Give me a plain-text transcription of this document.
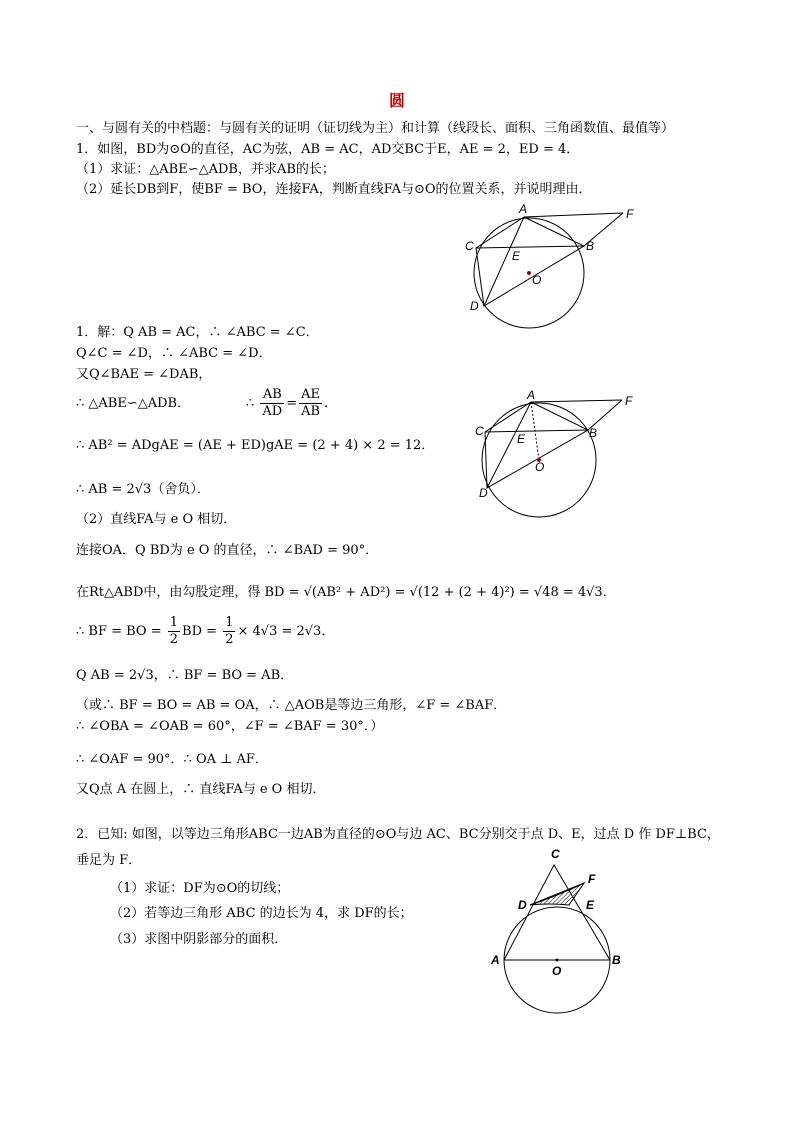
圆
一、与圆有关的中档题：与圆有关的证明（证切线为主）和计算（线段长、面积、三角函数值、最值等）
1．如图，BD为⊙O的直径，AC为弦，AB = AC，AD交BC于E，AE = 2，ED = 4．
（1）求证：△ABE∽△ADB，并求AB的长；
（2）延长DB到F，使BF = BO，连接FA，判断直线FA与⊙O的位置关系，并说明理由．
A
B
C
D
E
F
O
1．解：Q AB = AC，∴ ∠ABC = ∠C．
Q∠C = ∠D，∴ ∠ABC = ∠D．
又Q∠BAE = ∠DAB，
∴ △ABE∽△ADB．	∴ $\frac{AB}{AD} = \frac{AE}{AB}$ ．
∴ AB² = ADgAE = (AE + ED)gAE = (2 + 4) × 2 = 12．
∴ AB = 2√3（舍负）．
（2）直线FA与 e O 相切．
连接OA．Q BD为 e O 的直径，∴ ∠BAD = 90°．
在Rt△ABD中，由勾股定理，得 BD = √(AB² + AD²) = √(12 + (2 + 4)²) = √48 = 4√3．
∴ BF = BO = $\frac{1}{2}$ BD = $\frac{1}{2} \times 4√3 = 2√3$．
Q AB = 2√3，∴ BF = BO = AB．
（或∴ BF = BO = AB = OA，∴ △AOB是等边三角形，∠F = ∠BAF．
∴ ∠OBA = ∠OAB = 60°，∠F = ∠BAF = 30°．）
∴ ∠OAF = 90°．∴ OA ⊥ AF．
又Q点 A 在圆上，∴ 直线FA与 e O 相切．
A
B
C
D
E
F
O
2．已知: 如图，以等边三角形ABC一边AB为直径的⊙O与边 AC、BC分别交于点 D、E，过点 D 作 DF⊥BC，
垂足为 F．
（1）求证：DF为⊙O的切线；
（2）若等边三角形 ABC 的边长为 4，求 DF的长；
（3）求图中阴影部分的面积．
C
A	B
D	E
F
O
